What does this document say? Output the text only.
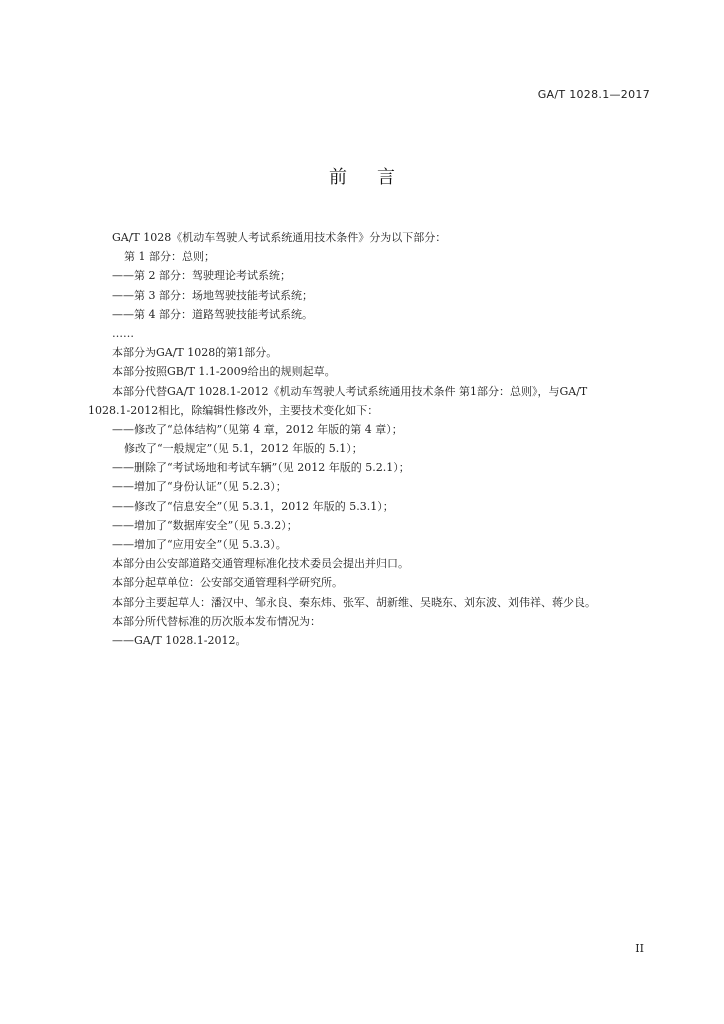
GA/T 1028.1—2017
前言

GA/T 1028《机动车驾驶人考试系统通用技术条件》分为以下部分：

第 1 部分：总则；

——第 2 部分：驾驶理论考试系统；

——第 3 部分：场地驾驶技能考试系统；

——第 4 部分：道路驾驶技能考试系统。

……

本部分为GA/T 1028的第1部分。

本部分按照GB/T 1.1-2009给出的规则起草。

本部分代替GA/T 1028.1-2012《机动车驾驶人考试系统通用技术条件 第1部分：总则》，与GA/T

1028.1-2012相比，除编辑性修改外，主要技术变化如下：

——修改了“总体结构”（见第 4 章，2012 年版的第 4 章）；

修改了“一般规定”（见 5.1，2012 年版的 5.1）；

——删除了“考试场地和考试车辆”（见 2012 年版的 5.2.1）；

——增加了“身份认证”（见 5.2.3）；

——修改了“信息安全”（见 5.3.1，2012 年版的 5.3.1）；

——增加了“数据库安全”（见 5.3.2）；

——增加了“应用安全”（见 5.3.3）。

本部分由公安部道路交通管理标准化技术委员会提出并归口。

本部分起草单位：公安部交通管理科学研究所。

本部分主要起草人：潘汉中、邹永良、秦东炜、张军、胡新维、吴晓东、刘东波、刘伟祥、蒋少良。

本部分所代替标准的历次版本发布情况为：

——GA/T 1028.1-2012。

II
